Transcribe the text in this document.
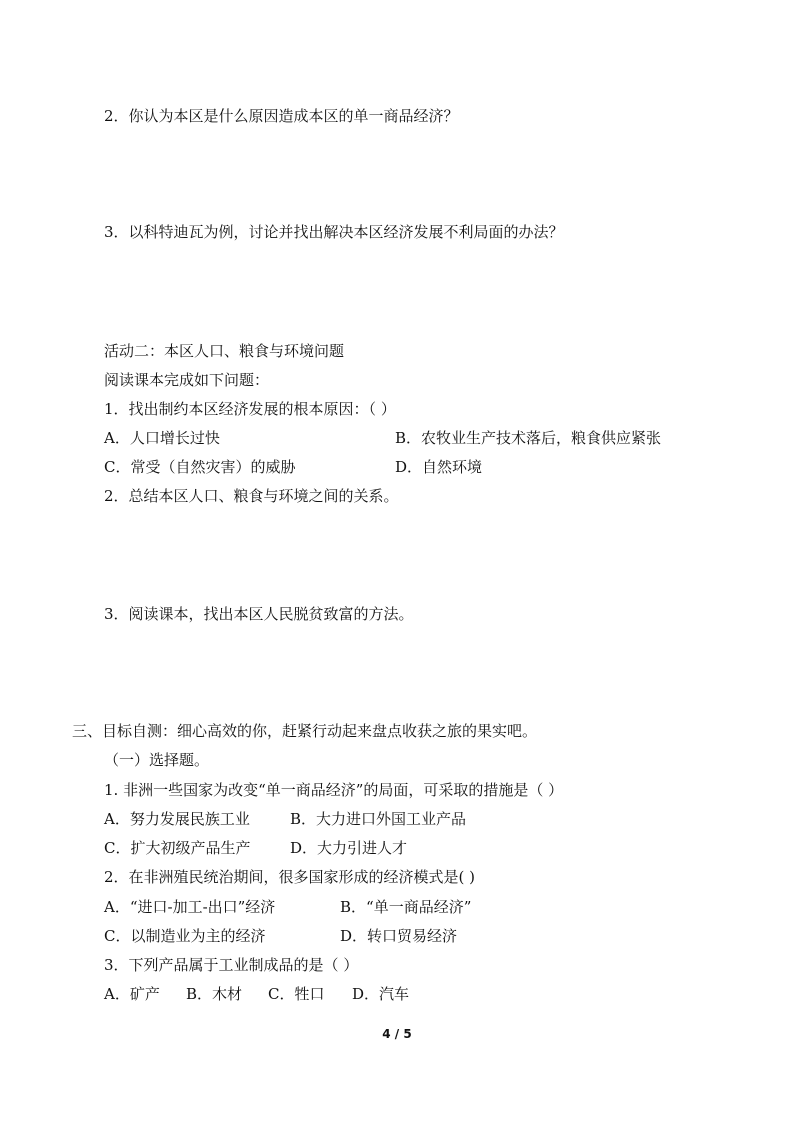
2．你认为本区是什么原因造成本区的单一商品经济？
3．以科特迪瓦为例，讨论并找出解决本区经济发展不利局面的办法？
活动二：本区人口、粮食与环境问题
阅读课本完成如下问题：
1．找出制约本区经济发展的根本原因：（ ）
A．人口增长过快	B．农牧业生产技术落后，粮食供应紧张
C．常受（自然灾害）的威胁	D．自然环境
2．总结本区人口、粮食与环境之间的关系。
3．阅读课本，找出本区人民脱贫致富的方法。
三、目标自测：细心高效的你，赶紧行动起来盘点收获之旅的果实吧。
（一）选择题。
1. 非洲一些国家为改变“单一商品经济”的局面，可采取的措施是（ ）
A．努力发展民族工业	B．大力进口外国工业产品
C．扩大初级产品生产	D．大力引进人才
2．在非洲殖民统治期间，很多国家形成的经济模式是( )
A．“进口-加工-出口”经济	B．“单一商品经济”
C．以制造业为主的经济	D．转口贸易经济
3．下列产品属于工业制成品的是（ ）
A．矿产 B．木材 C．牲口 D．汽车
4 / 5
